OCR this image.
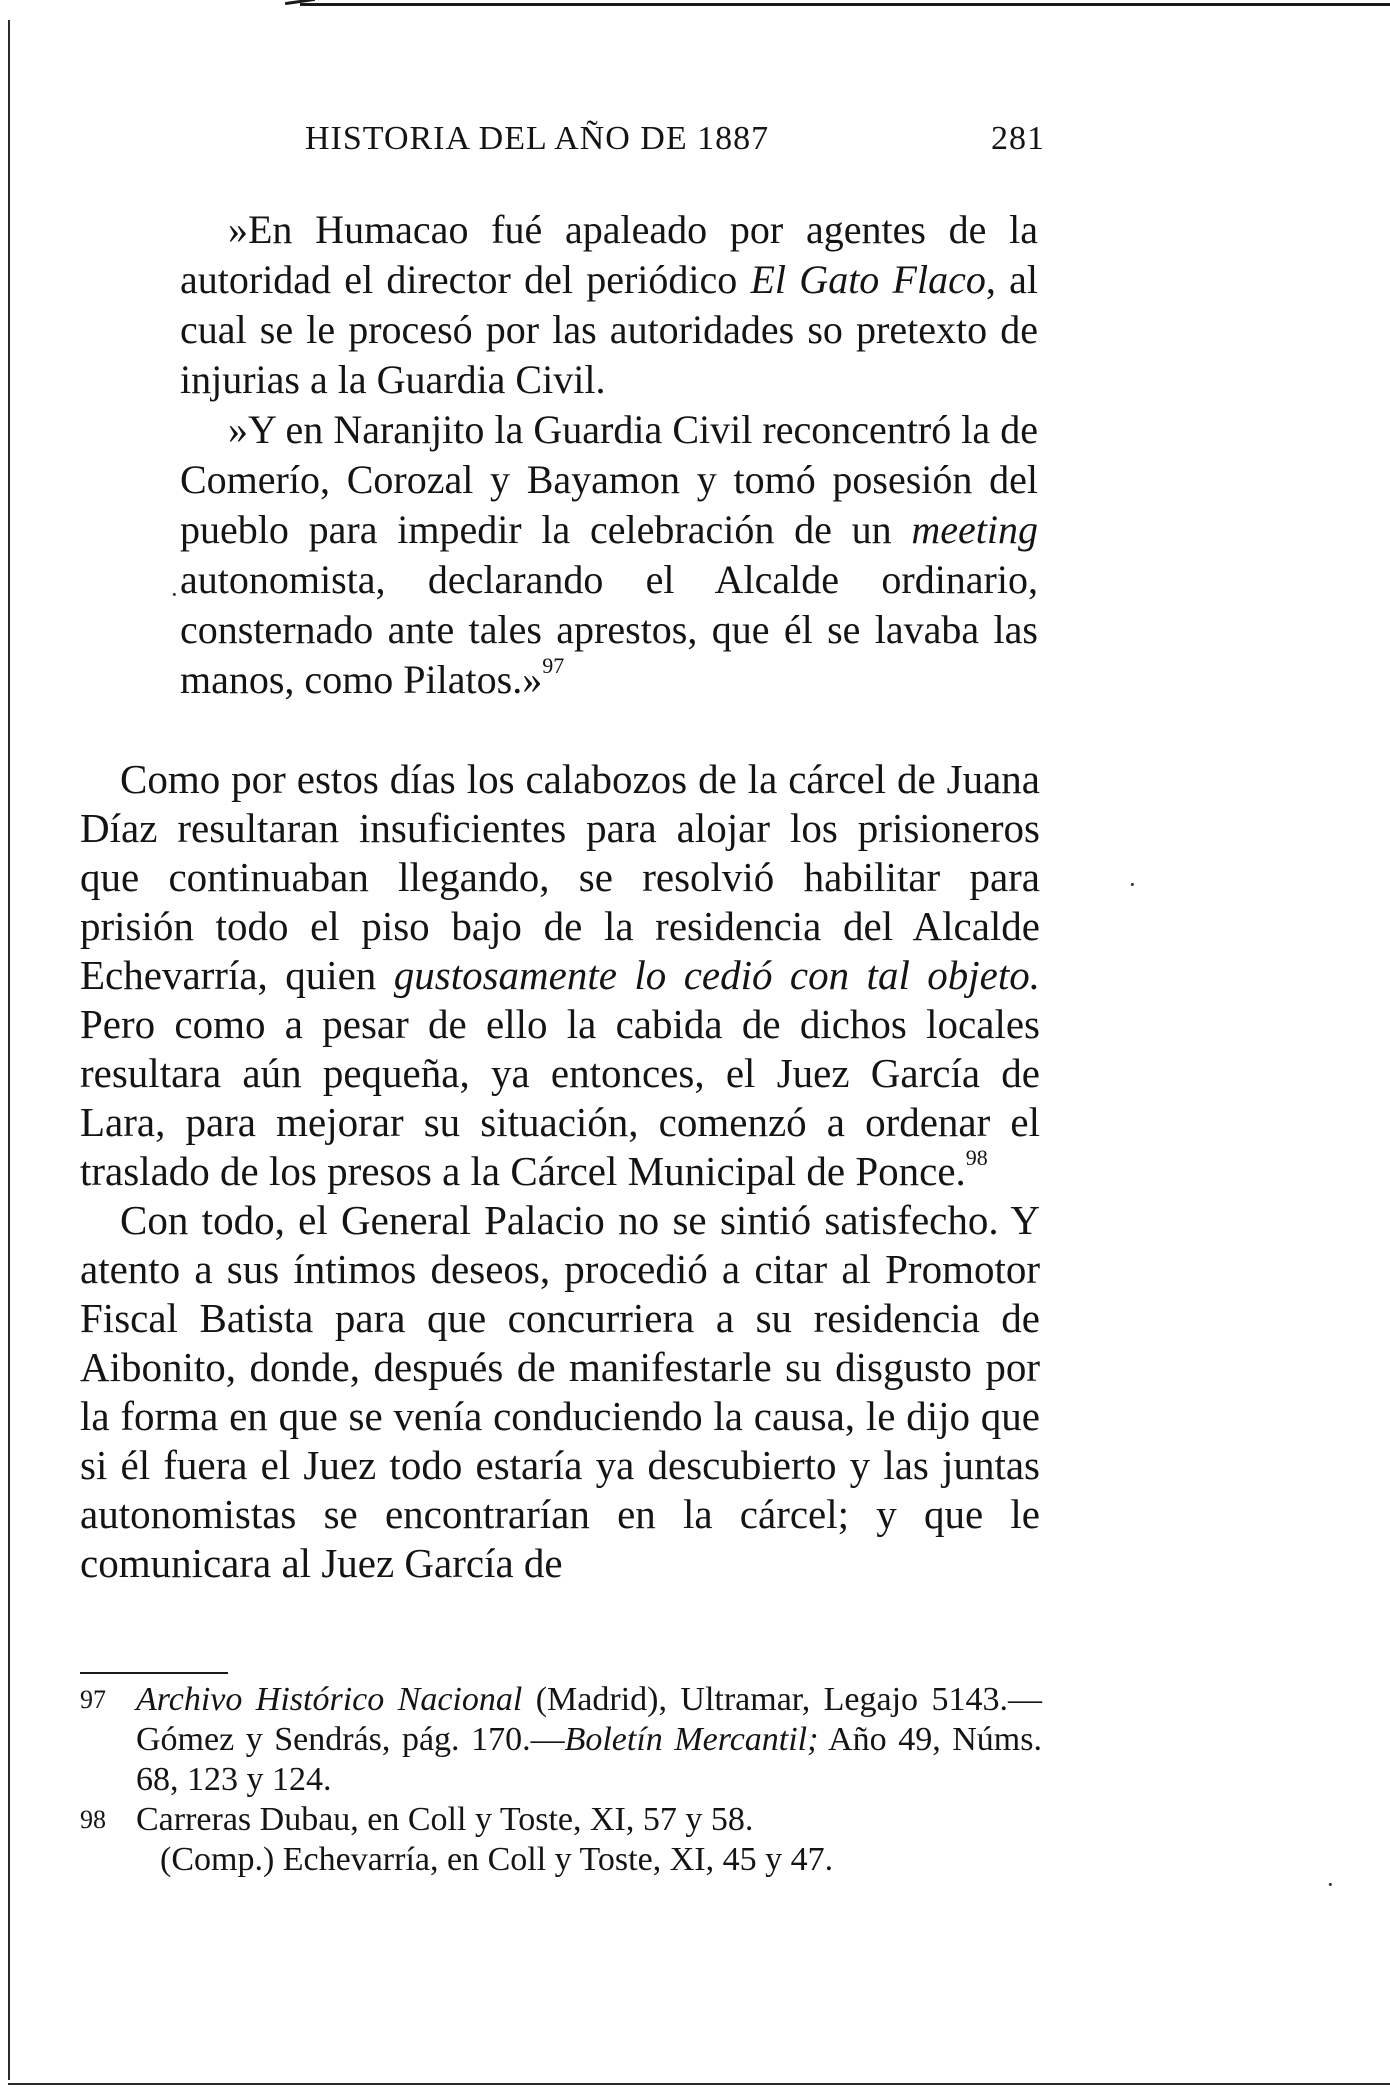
HISTORIA DEL AÑO DE 1887	281

»En Humacao fué apaleado por agentes de la autoridad el director del periódico El Gato Flaco, al cual se le procesó por las autoridades so pretexto de injurias a la Guardia Civil.

»Y en Naranjito la Guardia Civil reconcentró la de Comerío, Corozal y Bayamon y tomó posesión del pueblo para impedir la celebración de un meeting autonomista, declarando el Alcalde ordinario, consternado ante tales aprestos, que él se lavaba las manos, como Pilatos.»$^{97}$

Como por estos días los calabozos de la cárcel de Juana Díaz resultaran insuficientes para alojar los prisioneros que continuaban llegando, se resolvió habilitar para prisión todo el piso bajo de la residencia del Alcalde Echevarría, quien gustosamente lo cedió con tal objeto. Pero como a pesar de ello la cabida de dichos locales resultara aún pequeña, ya entonces, el Juez García de Lara, para mejorar su situación, comenzó a ordenar el traslado de los presos a la Cárcel Municipal de Ponce.$^{98}$

Con todo, el General Palacio no se sintió satisfecho. Y atento a sus íntimos deseos, procedió a citar al Promotor Fiscal Batista para que concurriera a su residencia de Aibonito, donde, después de manifestarle su disgusto por la forma en que se venía conduciendo la causa, le dijo que si él fuera el Juez todo estaría ya descubierto y las juntas autonomistas se encontrarían en la cárcel; y que le comunicara al Juez García de

97 Archivo Histórico Nacional (Madrid), Ultramar, Legajo 5143.—Gómez y Sendrás, pág. 170.—Boletín Mercantil; Año 49, Núms. 68, 123 y 124.
98 Carreras Dubau, en Coll y Toste, XI, 57 y 58.
(Comp.) Echevarría, en Coll y Toste, XI, 45 y 47.
·
·
·
